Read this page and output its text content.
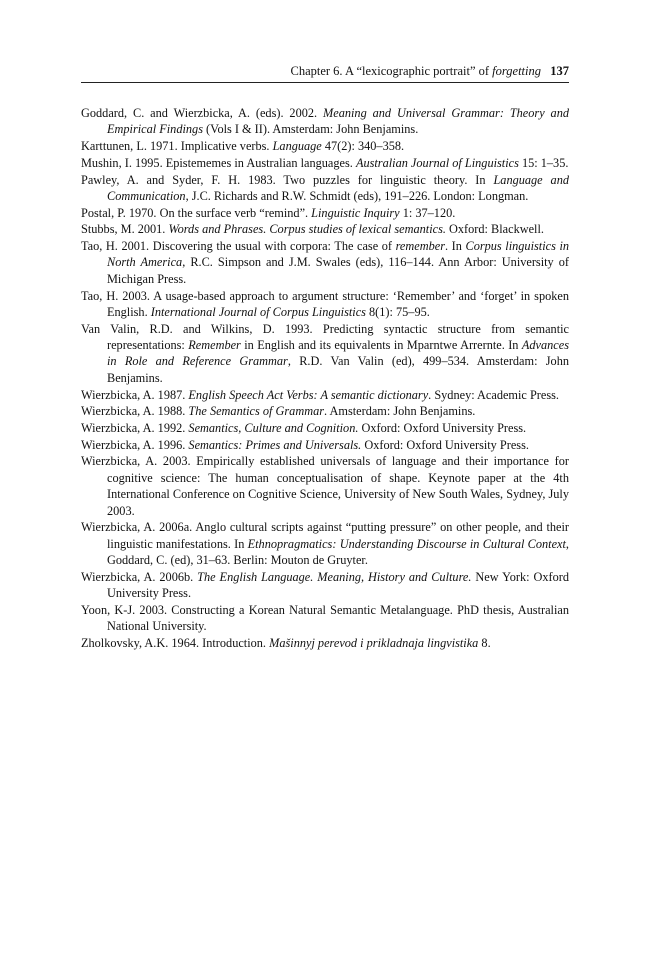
Chapter 6. A “lexicographic portrait” of forgetting 137

Goddard, C. and Wierzbicka, A. (eds). 2002. Meaning and Universal Grammar: Theory and Empirical Findings (Vols I & II). Amsterdam: John Benjamins.

Karttunen, L. 1971. Implicative verbs. Language 47(2): 340–358.

Mushin, I. 1995. Epistememes in Australian languages. Australian Journal of Linguistics 15: 1–35.

Pawley, A. and Syder, F. H. 1983. Two puzzles for linguistic theory. In Language and Communication, J.C. Richards and R.W. Schmidt (eds), 191–226. London: Longman.

Postal, P. 1970. On the surface verb “remind”. Linguistic Inquiry 1: 37–120.

Stubbs, M. 2001. Words and Phrases. Corpus studies of lexical semantics. Oxford: Blackwell.

Tao, H. 2001. Discovering the usual with corpora: The case of remember. In Corpus linguistics in North America, R.C. Simpson and J.M. Swales (eds), 116–144. Ann Arbor: University of Michigan Press.

Tao, H. 2003. A usage-based approach to argument structure: ‘Remember’ and ‘forget’ in spoken English. International Journal of Corpus Linguistics 8(1): 75–95.

Van Valin, R.D. and Wilkins, D. 1993. Predicting syntactic structure from semantic representations: Remember in English and its equivalents in Mparntwe Arrernte. In Advances in Role and Reference Grammar, R.D. Van Valin (ed), 499–534. Amsterdam: John Benjamins.

Wierzbicka, A. 1987. English Speech Act Verbs: A semantic dictionary. Sydney: Academic Press.

Wierzbicka, A. 1988. The Semantics of Grammar. Amsterdam: John Benjamins.

Wierzbicka, A. 1992. Semantics, Culture and Cognition. Oxford: Oxford University Press.

Wierzbicka, A. 1996. Semantics: Primes and Universals. Oxford: Oxford University Press.

Wierzbicka, A. 2003. Empirically established universals of language and their importance for cognitive science: The human conceptualisation of shape. Keynote paper at the 4th International Conference on Cognitive Science, University of New South Wales, Sydney, July 2003.

Wierzbicka, A. 2006a. Anglo cultural scripts against “putting pressure” on other people, and their linguistic manifestations. In Ethnopragmatics: Understanding Discourse in Cultural Context, Goddard, C. (ed), 31–63. Berlin: Mouton de Gruyter.

Wierzbicka, A. 2006b. The English Language. Meaning, History and Culture. New York: Oxford University Press.

Yoon, K-J. 2003. Constructing a Korean Natural Semantic Metalanguage. PhD thesis, Australian National University.

Zholkovsky, A.K. 1964. Introduction. Mašinnyj perevod i prikladnaja lingvistika 8.
